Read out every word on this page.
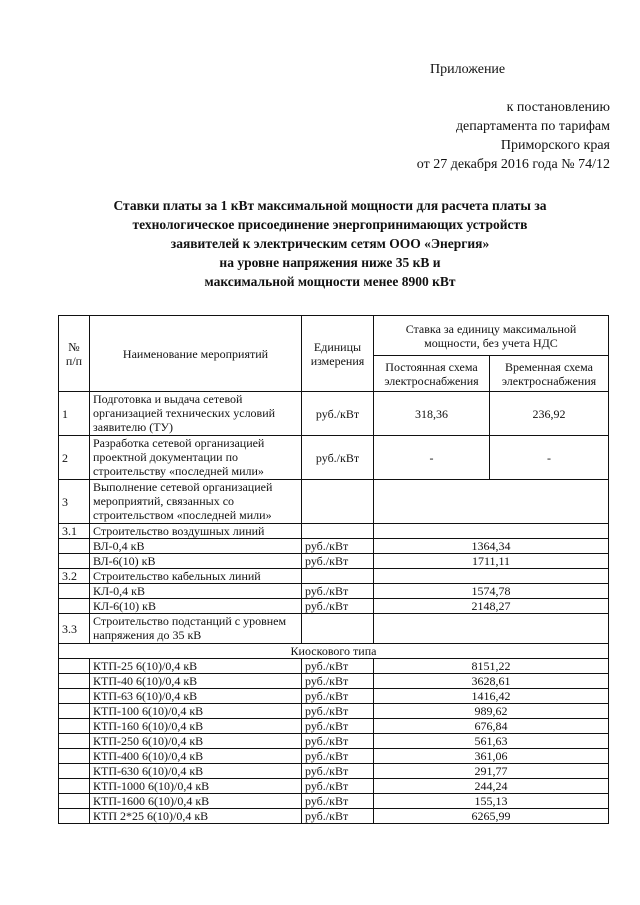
Приложение
к постановлению
департамента по тарифам
Приморского края
от 27 декабря 2016 года № 74/12
Ставки платы за 1 кВт максимальной мощности для расчета платы за
технологическое присоединение энергопринимающих устройств
заявителей к электрическим сетям ООО «Энергия»
на уровне напряжения ниже 35 кВ и
максимальной мощности менее 8900 кВт
№ п/п	Наименование мероприятий	Единицы измерения	Ставка за единицу максимальной мощности, без учета НДС	
			Постоянная схема электроснабжения	Временная схема электроснабжения
1	Подготовка и выдача сетевой организацией технических условий заявителю (ТУ)	руб./кВт	318,36	236,92
2	Разработка сетевой организацией проектной документации по строительству «последней мили»	руб./кВт	-	-
3	Выполнение сетевой организацией мероприятий, связанных со строительством «последней мили»			
3.1	Строительство воздушных линий			
	ВЛ-0,4 кВ	руб./кВт	1364,34	
	ВЛ-6(10) кВ	руб./кВт	1711,11	
3.2	Строительство кабельных линий			
	КЛ-0,4 кВ	руб./кВт	1574,78	
	КЛ-6(10) кВ	руб./кВт	2148,27	
3.3	Строительство подстанций с уровнем напряжения до 35 кВ			
Киоскового типа				
	КТП-25 6(10)/0,4 кВ	руб./кВт	8151,22	
	КТП-40 6(10)/0,4 кВ	руб./кВт	3628,61	
	КТП-63 6(10)/0,4 кВ	руб./кВт	1416,42	
	КТП-100 6(10)/0,4 кВ	руб./кВт	989,62	
	КТП-160 6(10)/0,4 кВ	руб./кВт	676,84	
	КТП-250 6(10)/0,4 кВ	руб./кВт	561,63	
	КТП-400 6(10)/0,4 кВ	руб./кВт	361,06	
	КТП-630 6(10)/0,4 кВ	руб./кВт	291,77	
	КТП-1000 6(10)/0,4 кВ	руб./кВт	244,24	
	КТП-1600 6(10)/0,4 кВ	руб./кВт	155,13	
	КТП 2*25 6(10)/0,4 кВ	руб./кВт	6265,99	
